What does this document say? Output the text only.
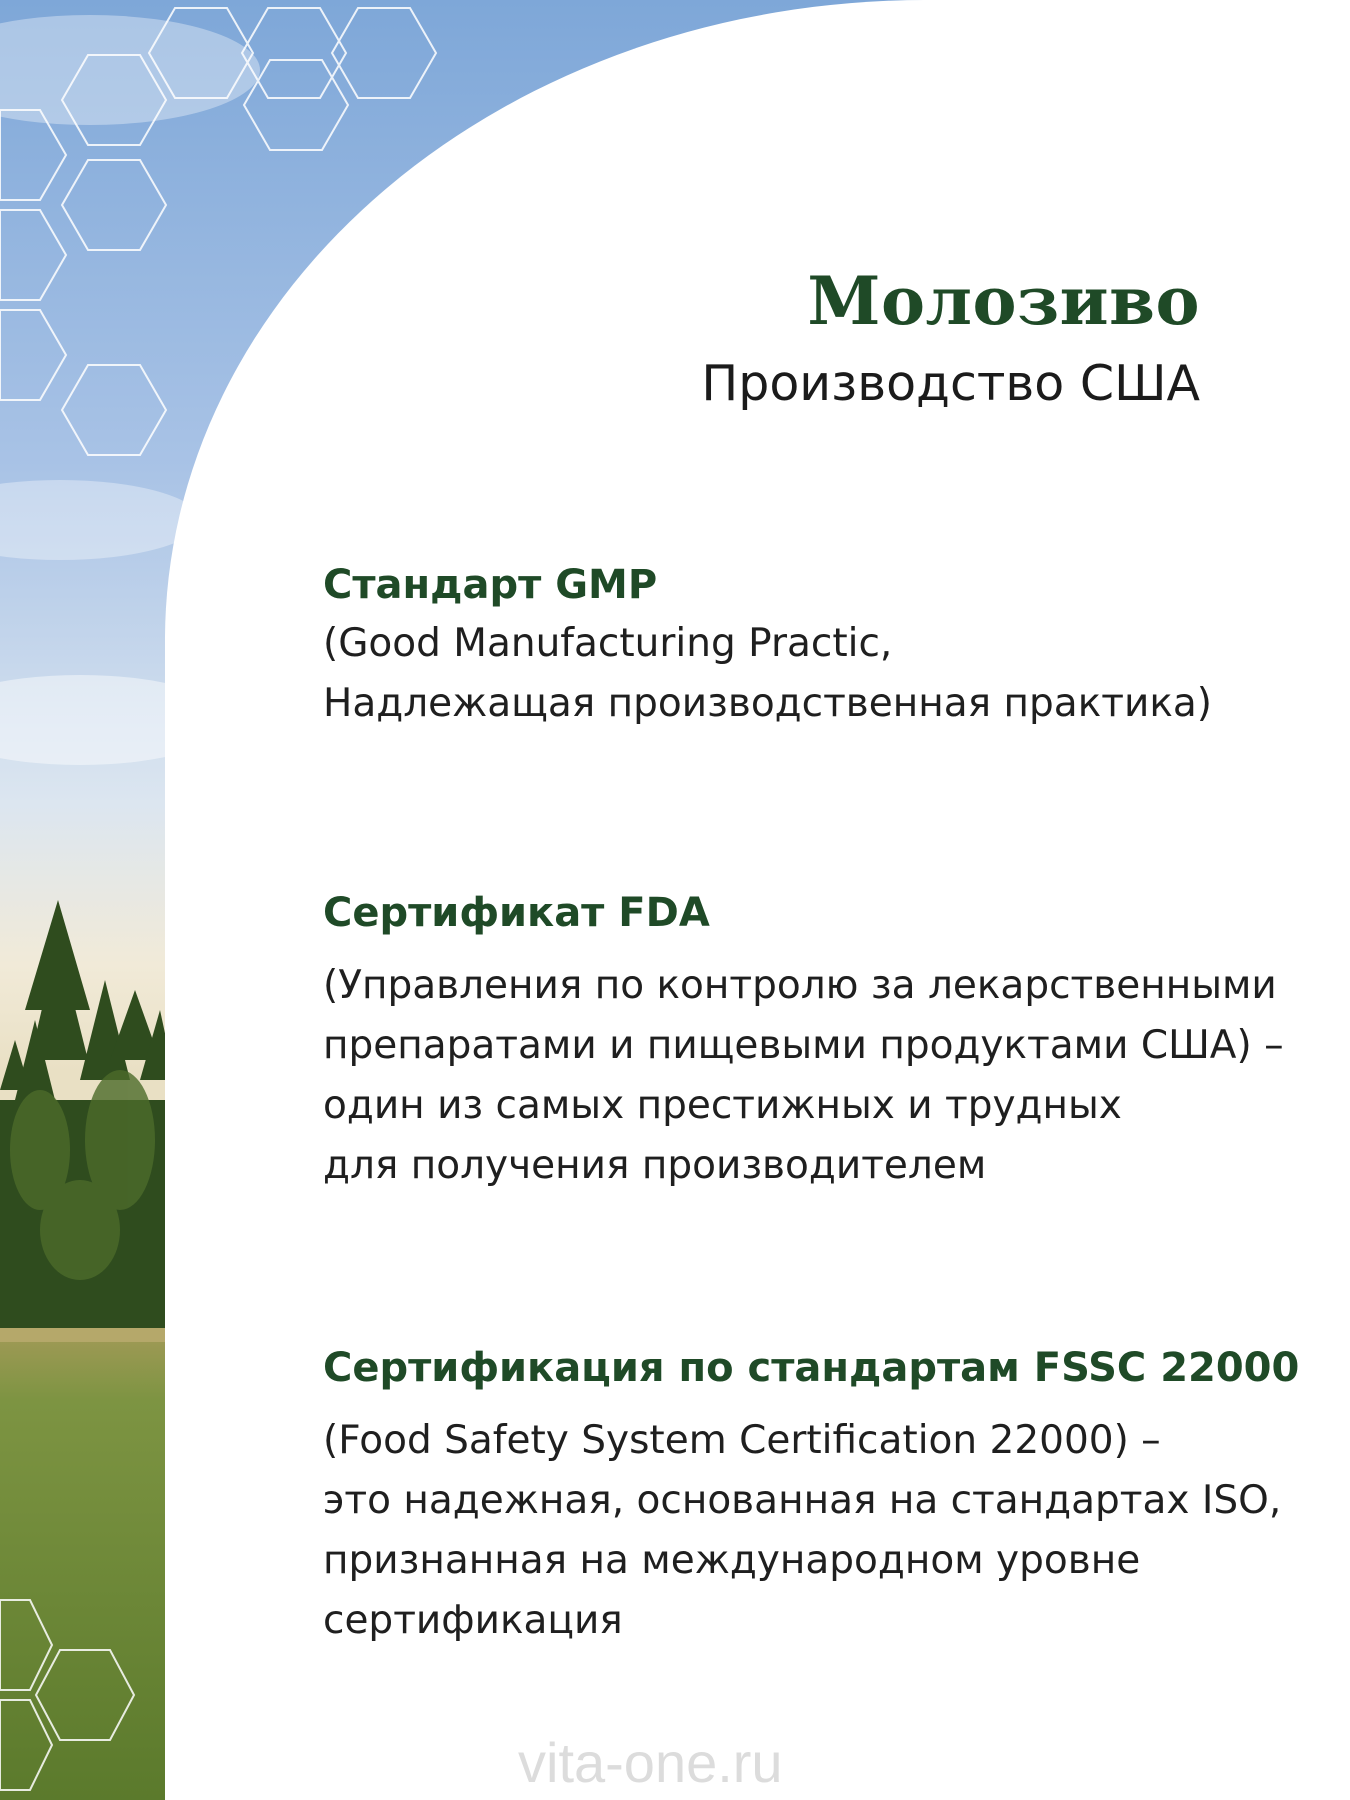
Молозиво
Производство США
Стандарт GMP
(Good Manufacturing Practic,
Надлежащая производственная практика)
Сертификат FDA
(Управления по контролю за лекарственными
препаратами и пищевыми продуктами США) –
один из самых престижных и трудных
для получения производителем
Сертификация по стандартам FSSC 22000
(Food Safety System Certification 22000) –
это надежная, основанная на стандартах ISO,
признанная на международном уровне
сертификация
vita-one.ru
